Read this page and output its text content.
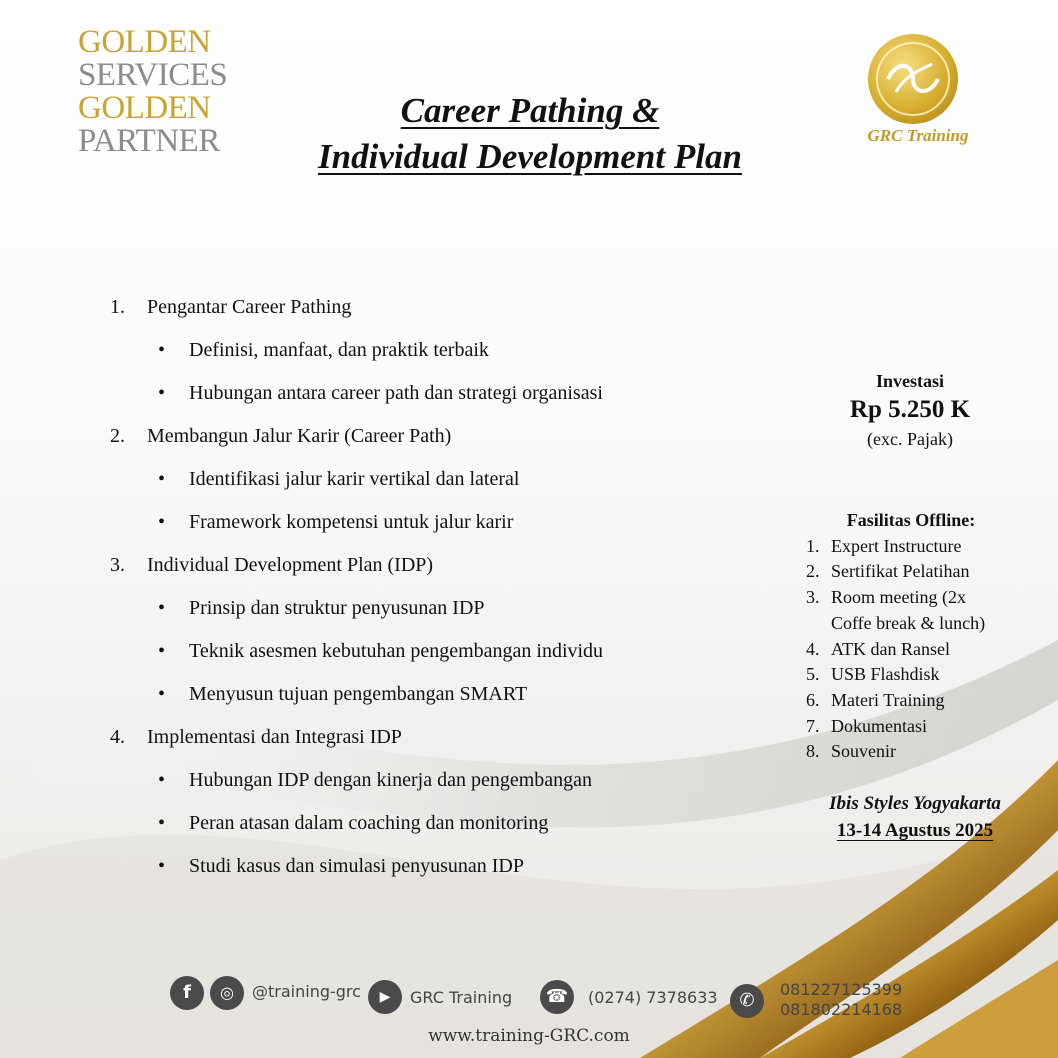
GOLDEN
SERVICES
GOLDEN
PARTNER	GRC Training
Career Pathing &
Individual Development Plan
1.	Pengantar Career Pathing
• Definisi, manfaat, dan praktik terbaik
• Hubungan antara career path dan strategi organisasi
2.	Membangun Jalur Karir (Career Path)
• Identifikasi jalur karir vertikal dan lateral
• Framework kompetensi untuk jalur karir
3.	Individual Development Plan (IDP)
• Prinsip dan struktur penyusunan IDP
• Teknik asesmen kebutuhan pengembangan individu
• Menyusun tujuan pengembangan SMART
4.	Implementasi dan Integrasi IDP
• Hubungan IDP dengan kinerja dan pengembangan
• Peran atasan dalam coaching dan monitoring
• Studi kasus dan simulasi penyusunan IDP
Investasi
Rp 5.250 K
(exc. Pajak)
Fasilitas Offline:
1. Expert Instructure
2. Sertifikat Pelatihan
3. Room meeting (2x
Coffe break & lunch)
4. ATK dan Ransel
5. USB Flashdisk
6. Materi Training
7. Dokumentasi
8. Souvenir
Ibis Styles Yogyakarta
13-14 Agustus 2025
f	◎	@training-grc	▶	GRC Training	☎	(0274) 7378633	✆
081227125399
081802214168
www.training-GRC.com
